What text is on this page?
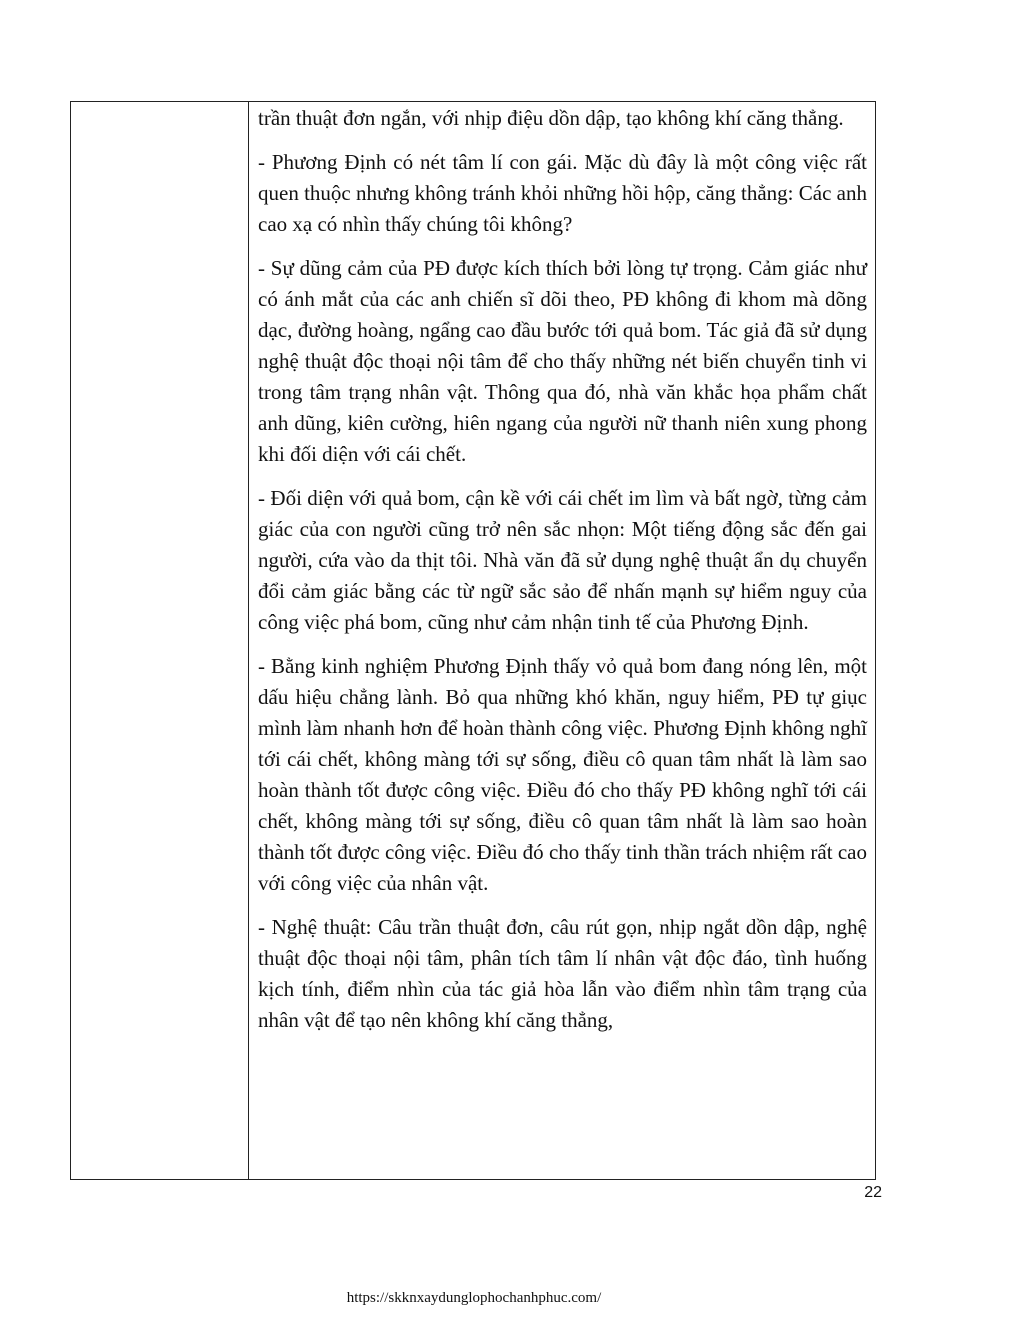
trần thuật đơn ngắn, với nhịp điệu dồn dập, tạo không khí căng thẳng.

- Phương Định có nét tâm lí con gái. Mặc dù đây là một công việc rất quen thuộc nhưng không tránh khỏi những hồi hộp, căng thẳng: Các anh cao xạ có nhìn thấy chúng tôi không?

- Sự dũng cảm của PĐ được kích thích bởi lòng tự trọng. Cảm giác như có ánh mắt của các anh chiến sĩ dõi theo, PĐ không đi khom mà dõng dạc, đường hoàng, ngẩng cao đầu bước tới quả bom. Tác giả đã sử dụng nghệ thuật độc thoại nội tâm để cho thấy những nét biến chuyển tinh vi trong tâm trạng nhân vật. Thông qua đó, nhà văn khắc họa phẩm chất anh dũng, kiên cường, hiên ngang của người nữ thanh niên xung phong khi đối diện với cái chết.

- Đối diện với quả bom, cận kề với cái chết im lìm và bất ngờ, từng cảm giác của con người cũng trở nên sắc nhọn: Một tiếng động sắc đến gai người, cứa vào da thịt tôi. Nhà văn đã sử dụng nghệ thuật ẩn dụ chuyển đổi cảm giác bằng các từ ngữ sắc sảo để nhấn mạnh sự hiểm nguy của công việc phá bom, cũng như cảm nhận tinh tế của Phương Định.

- Bằng kinh nghiệm Phương Định thấy vỏ quả bom đang nóng lên, một dấu hiệu chẳng lành. Bỏ qua những khó khăn, nguy hiểm, PĐ tự giục mình làm nhanh hơn để hoàn thành công việc. Phương Định không nghĩ tới cái chết, không màng tới sự sống, điều cô quan tâm nhất là làm sao hoàn thành tốt được công việc. Điều đó cho thấy PĐ không nghĩ tới cái chết, không màng tới sự sống, điều cô quan tâm nhất là làm sao hoàn thành tốt được công việc. Điều đó cho thấy tinh thần trách nhiệm rất cao với công việc của nhân vật.

- Nghệ thuật: Câu trần thuật đơn, câu rút gọn, nhịp ngắt dồn dập, nghệ thuật độc thoại nội tâm, phân tích tâm lí nhân vật độc đáo, tình huống kịch tính, điểm nhìn của tác giả hòa lẫn vào điểm nhìn tâm trạng của nhân vật để tạo nên không khí căng thẳng,

22
https://skknxaydunglophochanhphuc.com/
